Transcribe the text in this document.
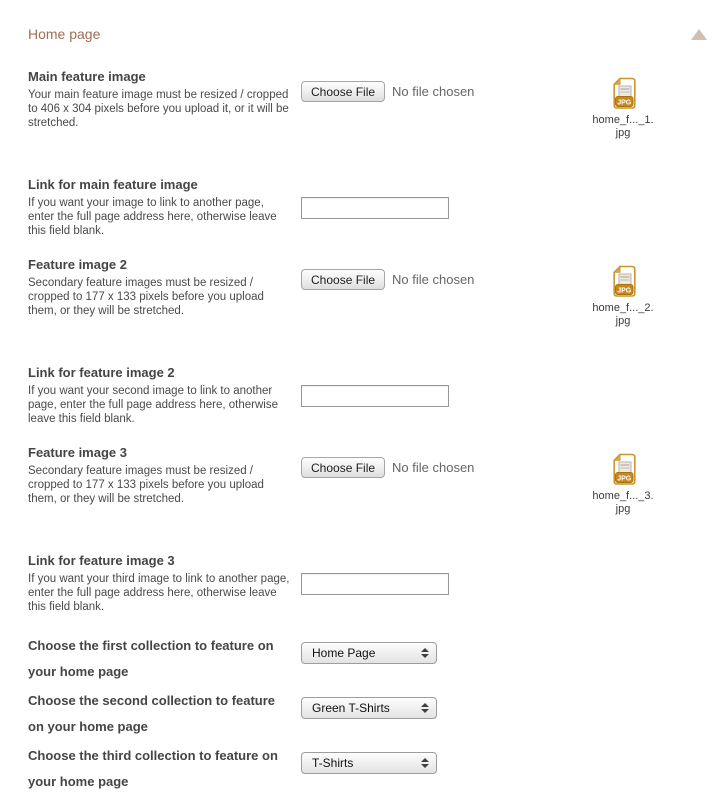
Home page
Main feature image
Your main feature image must be resized / cropped to 406 x 304 pixels before you upload it, or it will be stretched.
Choose File	No file chosen
JPG
home_f..._1.
jpg
Link for main feature image
If you want your image to link to another page, enter the full page address here, otherwise leave this field blank.
Feature image 2
Secondary feature images must be resized / cropped to 177 x 133 pixels before you upload them, or they will be stretched.
Choose File	No file chosen
JPG
home_f..._2.
jpg
Link for feature image 2
If you want your second image to link to another page, enter the full page address here, otherwise leave this field blank.
Feature image 3
Secondary feature images must be resized / cropped to 177 x 133 pixels before you upload them, or they will be stretched.
Choose File	No file chosen
JPG
home_f..._3.
jpg
Link for feature image 3
If you want your third image to link to another page, enter the full page address here, otherwise leave this field blank.
Choose the first collection to feature on your home page
Home Page
Choose the second collection to feature on your home page
Green T-Shirts
Choose the third collection to feature on your home page
T-Shirts
